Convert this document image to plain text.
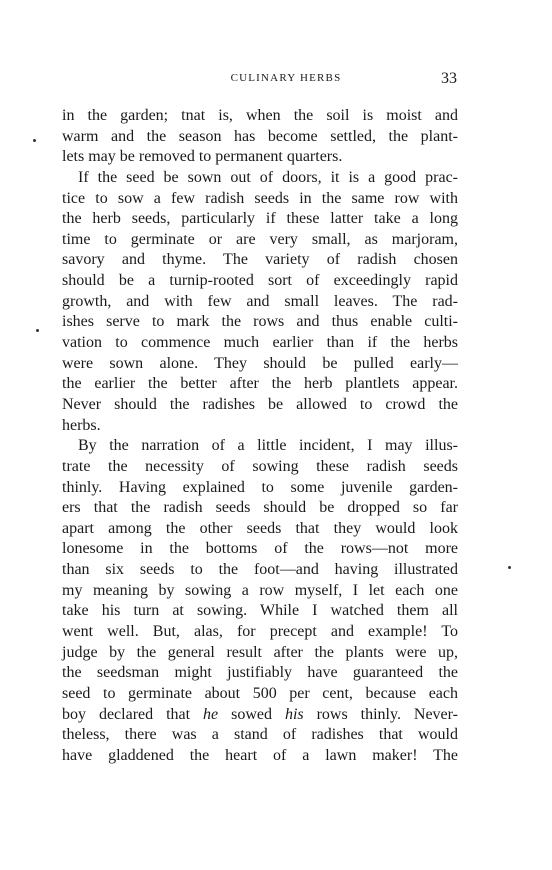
CULINARY HERBS	33
in the garden; tnat is, when the soil is moist and
warm and the season has become settled, the plant-
lets may be removed to permanent quarters.
If the seed be sown out of doors, it is a good prac-
tice to sow a few radish seeds in the same row with
the herb seeds, particularly if these latter take a long
time to germinate or are very small, as marjoram,
savory and thyme. The variety of radish chosen
should be a turnip-rooted sort of exceedingly rapid
growth, and with few and small leaves. The rad-
ishes serve to mark the rows and thus enable culti-
vation to commence much earlier than if the herbs
were sown alone. They should be pulled early—
the earlier the better after the herb plantlets appear.
Never should the radishes be allowed to crowd the
herbs.
By the narration of a little incident, I may illus-
trate the necessity of sowing these radish seeds
thinly. Having explained to some juvenile garden-
ers that the radish seeds should be dropped so far
apart among the other seeds that they would look
lonesome in the bottoms of the rows—not more
than six seeds to the foot—and having illustrated
my meaning by sowing a row myself, I let each one
take his turn at sowing. While I watched them all
went well. But, alas, for precept and example! To
judge by the general result after the plants were up,
the seedsman might justifiably have guaranteed the
seed to germinate about 500 per cent, because each
boy declared that he sowed his rows thinly. Never-
theless, there was a stand of radishes that would
have gladdened the heart of a lawn maker! The
